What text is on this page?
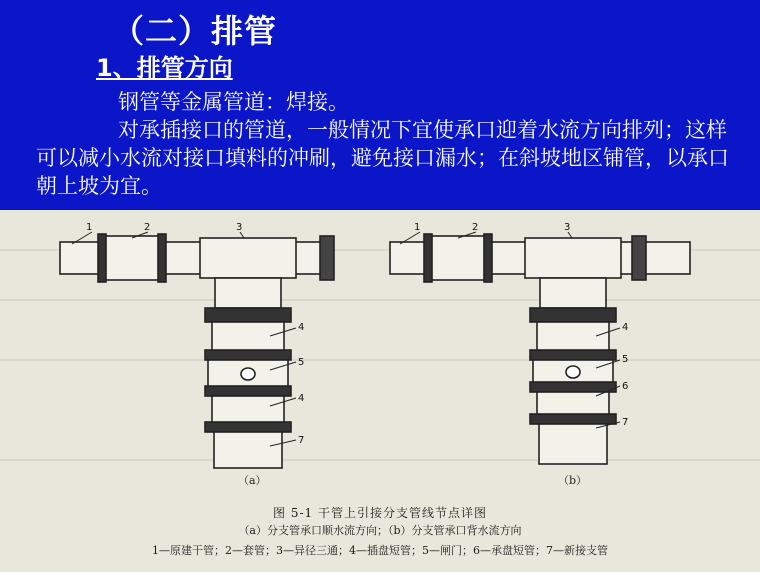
（二）排管
1、排管方向
钢管等金属管道：焊接。
对承插接口的管道，一般情况下宜使承口迎着水流方向排列；这样可以减小水流对接口填料的冲刷，避免接口漏水；在斜坡地区铺管，以承口朝上坡为宜。
1	2	3
4
5
4
7
1	2	3
4
5
6
7
（a）	（b）
图 5-1 干管上引接分支管线节点详图
（a）分支管承口顺水流方向；（b）分支管承口背水流方向
1—原建干管；2—套管；3—异径三通；4—插盘短管；5—闸门；6—承盘短管；7—新接支管
